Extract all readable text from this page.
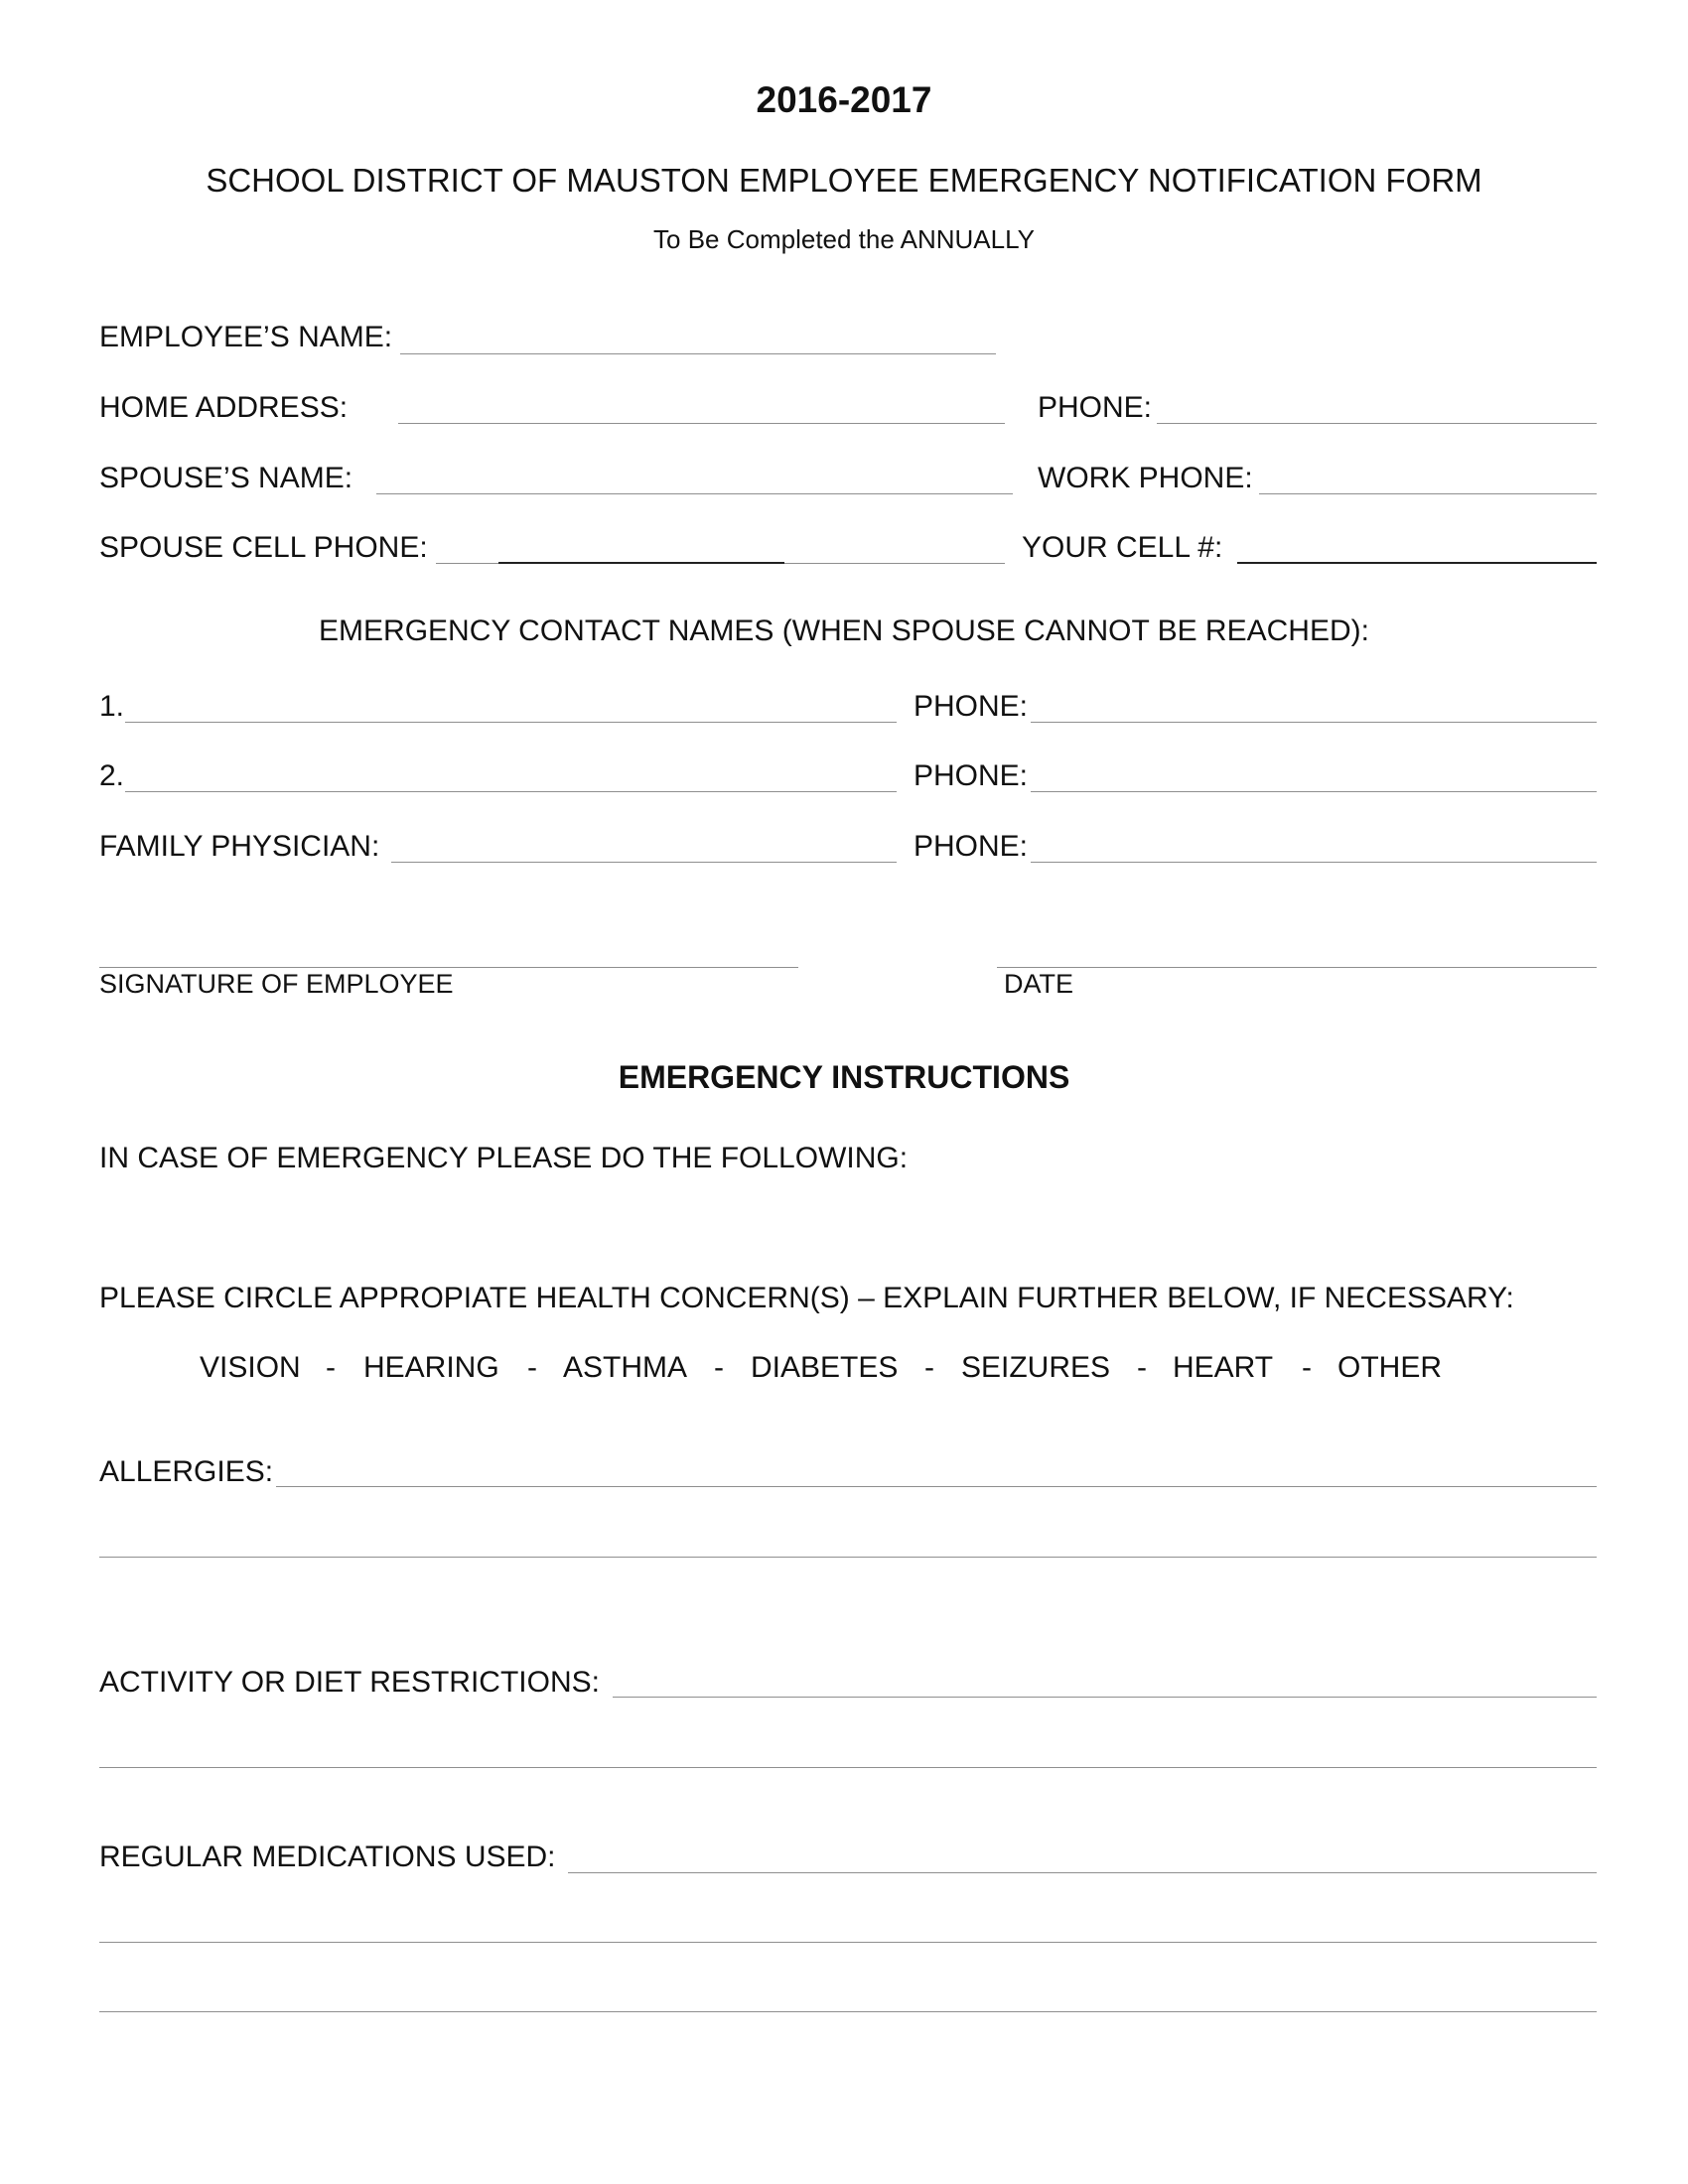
2016-2017
SCHOOL DISTRICT OF MAUSTON EMPLOYEE EMERGENCY NOTIFICATION FORM
To Be Completed the ANNUALLY
EMPLOYEE’S NAME:
HOME ADDRESS:	PHONE:
SPOUSE’S NAME:	WORK PHONE:
SPOUSE CELL PHONE:	YOUR CELL #:
EMERGENCY CONTACT NAMES (WHEN SPOUSE CANNOT BE REACHED):
1.	PHONE:
2.	PHONE:
FAMILY PHYSICIAN:	PHONE:
SIGNATURE OF EMPLOYEE	DATE
EMERGENCY INSTRUCTIONS
IN CASE OF EMERGENCY PLEASE DO THE FOLLOWING:
PLEASE CIRCLE APPROPIATE HEALTH CONCERN(S) – EXPLAIN FURTHER BELOW, IF NECESSARY:
VISION - HEARING - ASTHMA - DIABETES - SEIZURES - HEART - OTHER
ALLERGIES:
ACTIVITY OR DIET RESTRICTIONS:
REGULAR MEDICATIONS USED:
